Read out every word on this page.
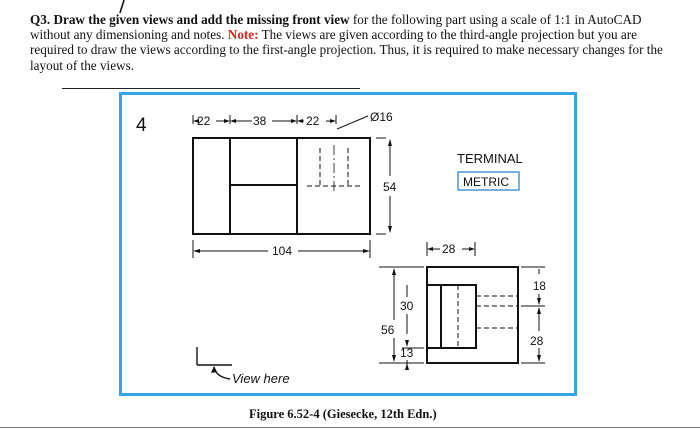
Q3. Draw the given views and add the missing front view for the following part using a scale of 1:1 in AutoCAD without any dimensioning and notes. Note: The views are given according to the third-angle projection but you are required to draw the views according to the first-angle projection. Thus, it is required to make necessary changes for the layout of the views.
4	22	38	22	Ø16
54
TERMINAL
METRIC
104	28
30
56
13
18
28
View here
Figure 6.52-4 (Giesecke, 12th Edn.)
